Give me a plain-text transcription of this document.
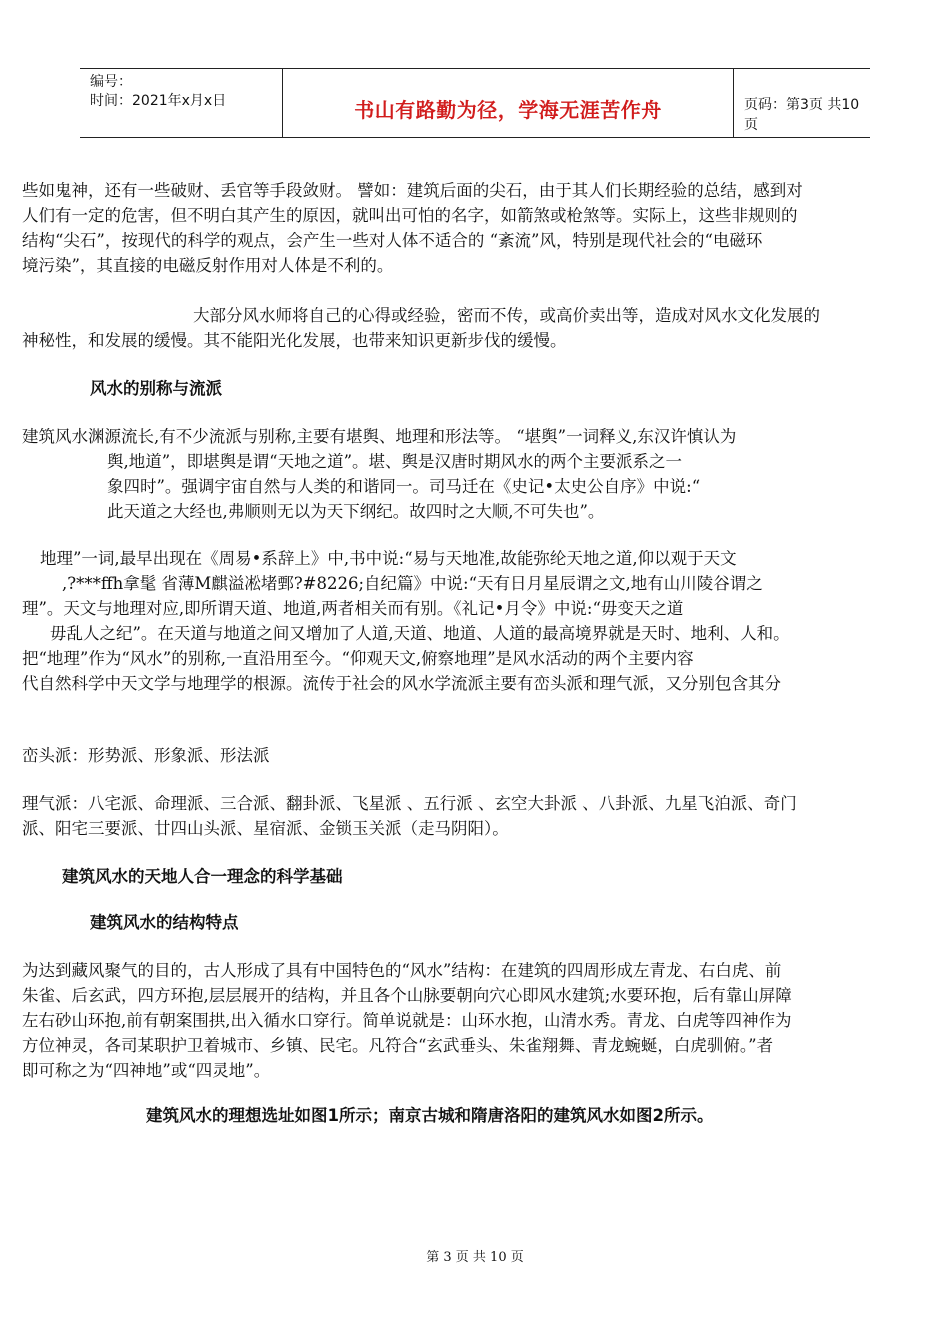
编号：
时间：2021年x月x日	书山有路勤为径，学海无涯苦作舟	页码：第3页 共10页
些如鬼神，还有一些破财、丢官等手段敛财。 譬如：建筑后面的尖石，由于其人们长期经验的总结，感到对
人们有一定的危害，但不明白其产生的原因，就叫出可怕的名字，如箭煞或枪煞等。实际上，这些非规则的
结构“尖石”，按现代的科学的观点，会产生一些对人体不适合的 “紊流”风，特别是现代社会的“电磁环
境污染”，其直接的电磁反射作用对人体是不利的。
大部分风水师将自己的心得或经验，密而不传，或高价卖出等，造成对风水文化发展的
神秘性，和发展的缓慢。其不能阳光化发展，也带来知识更新步伐的缓慢。
风水的别称与流派
建筑风水渊源流长,有不少流派与别称,主要有堪舆、地理和形法等。 “堪舆”一词释义,东汉许慎认为
舆,地道”，即堪舆是谓“天地之道”。堪、舆是汉唐时期风水的两个主要派系之一
象四时”。强调宇宙自然与人类的和谐同一。司马迁在《史记•太史公自序》中说:“
此天道之大经也,弗顺则无以为天下纲纪。故四时之大顺,不可失也”。
地理”一词,最早出现在《周易•系辞上》中,书中说:“易与天地准,故能弥纶天地之道,仰以观于天文
,?***ffh拿髦 省薄M麒溢凇堵鄄?#8226;自纪篇》中说:“天有日月星辰谓之文,地有山川陵谷谓之
理”。天文与地理对应,即所谓天道、地道,两者相关而有别。《礼记•月令》中说:“毋变天之道
毋乱人之纪”。在天道与地道之间又增加了人道,天道、地道、人道的最高境界就是天时、地利、人和。
把“地理”作为“风水”的别称,一直沿用至今。“仰观天文,俯察地理”是风水活动的两个主要内容
代自然科学中天文学与地理学的根源。流传于社会的风水学流派主要有峦头派和理气派，又分别包含其分
峦头派：形势派、形象派、形法派
理气派：八宅派、命理派、三合派、翻卦派、飞星派 、五行派 、玄空大卦派 、八卦派、九星飞泊派、奇门
派、阳宅三要派、廿四山头派、星宿派、金锁玉关派（走马阴阳）。
建筑风水的天地人合一理念的科学基础
建筑风水的结构特点
为达到藏风聚气的目的，古人形成了具有中国特色的“风水”结构：在建筑的四周形成左青龙、右白虎、前
朱雀、后玄武，四方环抱,层层展开的结构，并且各个山脉要朝向穴心即风水建筑;水要环抱，后有靠山屏障
左右砂山环抱,前有朝案围拱,出入循水口穿行。简单说就是：山环水抱，山清水秀。青龙、白虎等四神作为
方位神灵，各司某职护卫着城市、乡镇、民宅。凡符合“玄武垂头、朱雀翔舞、青龙蜿蜒，白虎驯俯。”者
即可称之为“四神地”或“四灵地”。
建筑风水的理想选址如图1所示；南京古城和隋唐洛阳的建筑风水如图2所示。
第 3 页 共 10 页
